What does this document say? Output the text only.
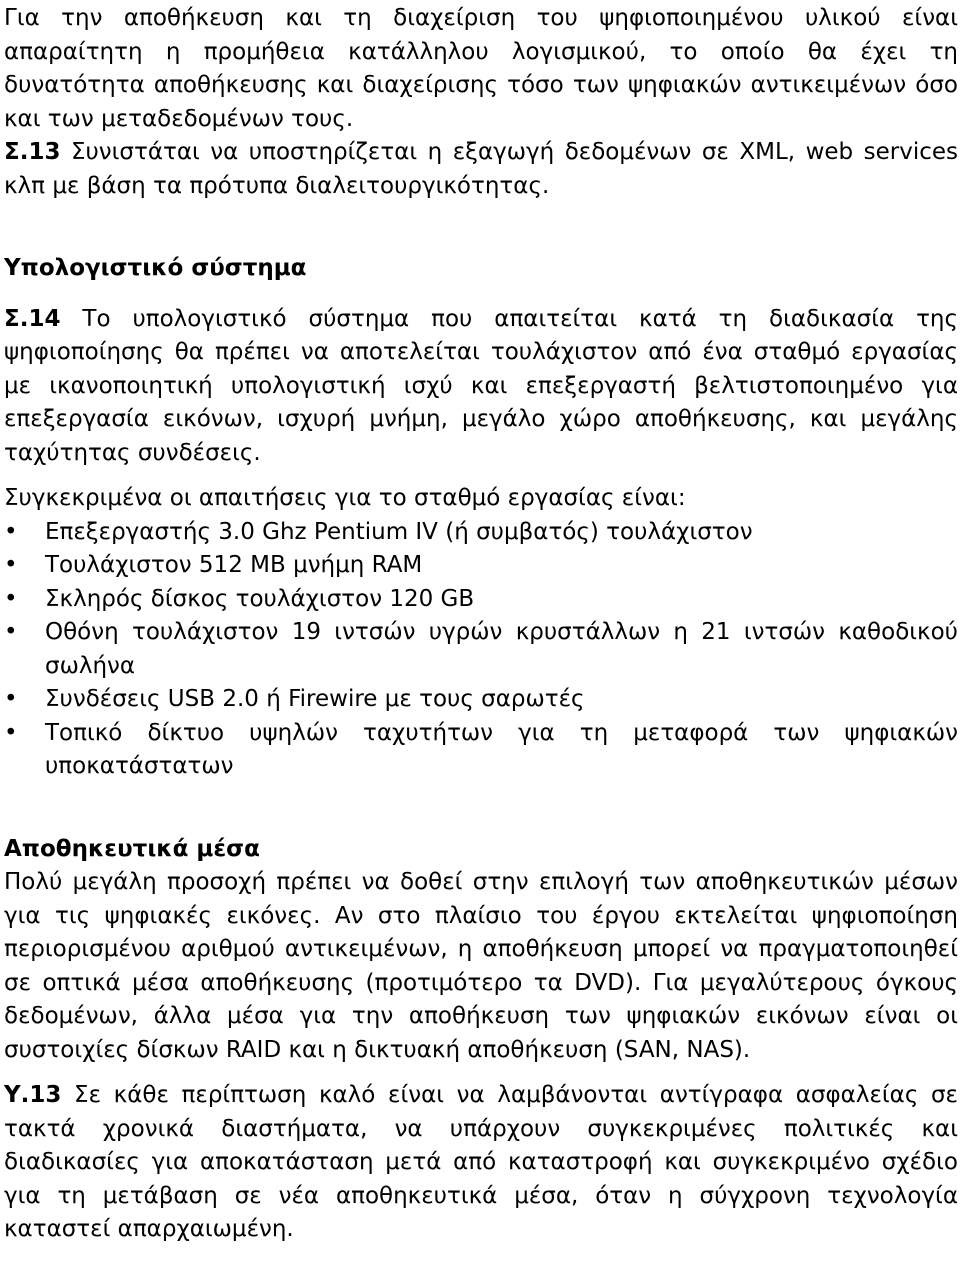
Για την αποθήκευση και τη διαχείριση του ψηφιοποιημένου υλικού είναι απαραίτητη η προμήθεια κατάλληλου λογισμικού, το οποίο θα έχει τη δυνατότητα αποθήκευσης και διαχείρισης τόσο των ψηφιακών αντικειμένων όσο και των μεταδεδομένων τους.

Σ.13 Συνιστάται να υποστηρίζεται η εξαγωγή δεδομένων σε XML, web services κλπ με βάση τα πρότυπα διαλειτουργικότητας.

Υπολογιστικό σύστημα

Σ.14 Το υπολογιστικό σύστημα που απαιτείται κατά τη διαδικασία της ψηφιοποίησης θα πρέπει να αποτελείται τουλάχιστον από ένα σταθμό εργασίας με ικανοποιητική υπολογιστική ισχύ και επεξεργαστή βελτιστοποιημένο για επεξεργασία εικόνων, ισχυρή μνήμη, μεγάλο χώρο αποθήκευσης, και μεγάλης ταχύτητας συνδέσεις.

Συγκεκριμένα οι απαιτήσεις για το σταθμό εργασίας είναι:

• Επεξεργαστής 3.0 Ghz Pentium IV (ή συμβατός) τουλάχιστον
• Τουλάχιστον 512 MB μνήμη RAM
• Σκληρός δίσκος τουλάχιστον 120 GB
• Οθόνη τουλάχιστον 19 ιντσών υγρών κρυστάλλων η 21 ιντσών καθοδικού σωλήνα
• Συνδέσεις USB 2.0 ή Firewire με τους σαρωτές
• Τοπικό δίκτυο υψηλών ταχυτήτων για τη μεταφορά των ψηφιακών υποκατάστατων

Αποθηκευτικά μέσα

Πολύ μεγάλη προσοχή πρέπει να δοθεί στην επιλογή των αποθηκευτικών μέσων για τις ψηφιακές εικόνες. Αν στο πλαίσιο του έργου εκτελείται ψηφιοποίηση περιορισμένου αριθμού αντικειμένων, η αποθήκευση μπορεί να πραγματοποιηθεί σε οπτικά μέσα αποθήκευσης (προτιμότερο τα DVD). Για μεγαλύτερους όγκους δεδομένων, άλλα μέσα για την αποθήκευση των ψηφιακών εικόνων είναι οι συστοιχίες δίσκων RAID και η δικτυακή αποθήκευση (SAN, NAS).

Υ.13 Σε κάθε περίπτωση καλό είναι να λαμβάνονται αντίγραφα ασφαλείας σε τακτά χρονικά διαστήματα, να υπάρχουν συγκεκριμένες πολιτικές και διαδικασίες για αποκατάσταση μετά από καταστροφή και συγκεκριμένο σχέδιο για τη μετάβαση σε νέα αποθηκευτικά μέσα, όταν η σύγχρονη τεχνολογία καταστεί απαρχαιωμένη.
